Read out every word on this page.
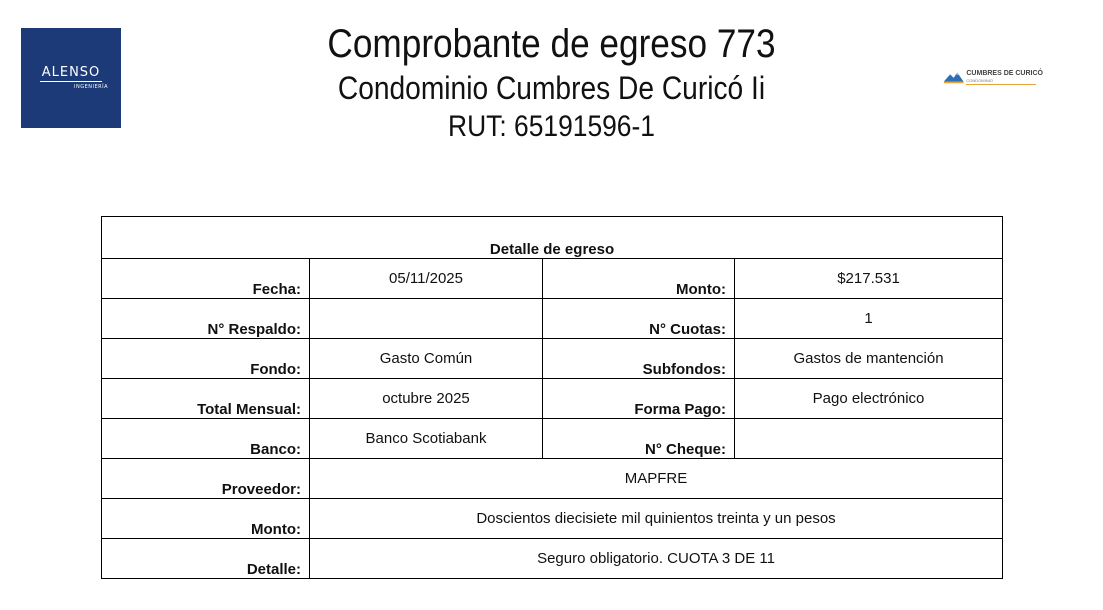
ALENSO
INGENIERÍA
Comprobante de egreso 773
Condominio Cumbres De Curicó Ii
RUT: 65191596-1
CUMBRES DE CURICÓ
CONDOMINIO
Detalle de egreso			
Fecha:	05/11/2025	Monto:	$217.531
N° Respaldo:		N° Cuotas:	1
Fondo:	Gasto Común	Subfondos:	Gastos de mantención
Total Mensual:	octubre 2025	Forma Pago:	Pago electrónico
Banco:	Banco Scotiabank	N° Cheque:	
Proveedor:	MAPFRE		
Monto:	Doscientos diecisiete mil quinientos treinta y un pesos		
Detalle:	Seguro obligatorio. CUOTA 3 DE 11		
